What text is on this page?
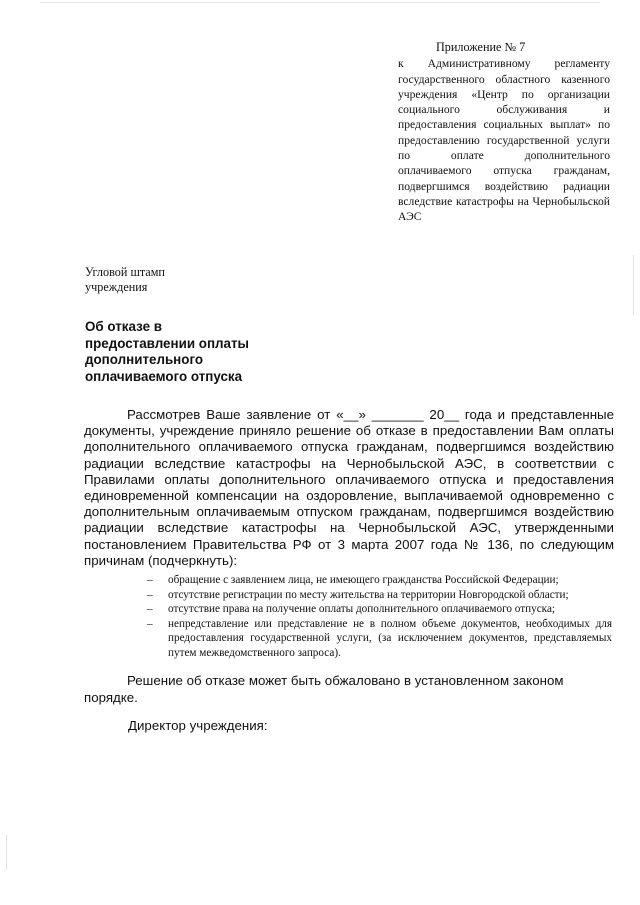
Приложение № 7
к Административному регламенту государственного областного казенного учреждения «Центр по организации социального обслуживания и предоставления социальных выплат» по предоставлению государственной услуги по оплате дополнительного оплачиваемого отпуска гражданам, подвергшимся воздействию радиации вследствие катастрофы на Чернобыльской АЭС
Угловой штамп
учреждения
Об отказе в
предоставлении оплаты
дополнительного
оплачиваемого отпуска

Рассмотрев Ваше заявление от «__» _______ 20__ года и представленные документы, учреждение приняло решение об отказе в предоставлении Вам оплаты дополнительного оплачиваемого отпуска гражданам, подвергшимся воздействию радиации вследствие катастрофы на Чернобыльской АЭС, в соответствии с Правилами оплаты дополнительного оплачиваемого отпуска и предоставления единовременной компенсации на оздоровление, выплачиваемой одновременно с дополнительным оплачиваемым отпуском гражданам, подвергшимся воздействию радиации вследствие катастрофы на Чернобыльской АЭС, утвержденными постановлением Правительства РФ от 3 марта 2007 года № 136, по следующим причинам (подчеркнуть):

– обращение с заявлением лица, не имеющего гражданства Российской Федерации;
– отсутствие регистрации по месту жительства на территории Новгородской области;
– отсутствие права на получение оплаты дополнительного оплачиваемого отпуска;
– непредставление или представление не в полном объеме документов, необходимых для предоставления государственной услуги, (за исключением документов, представляемых путем межведомственного запроса).

Решение об отказе может быть обжаловано в установленном законом порядке.

Директор учреждения:
